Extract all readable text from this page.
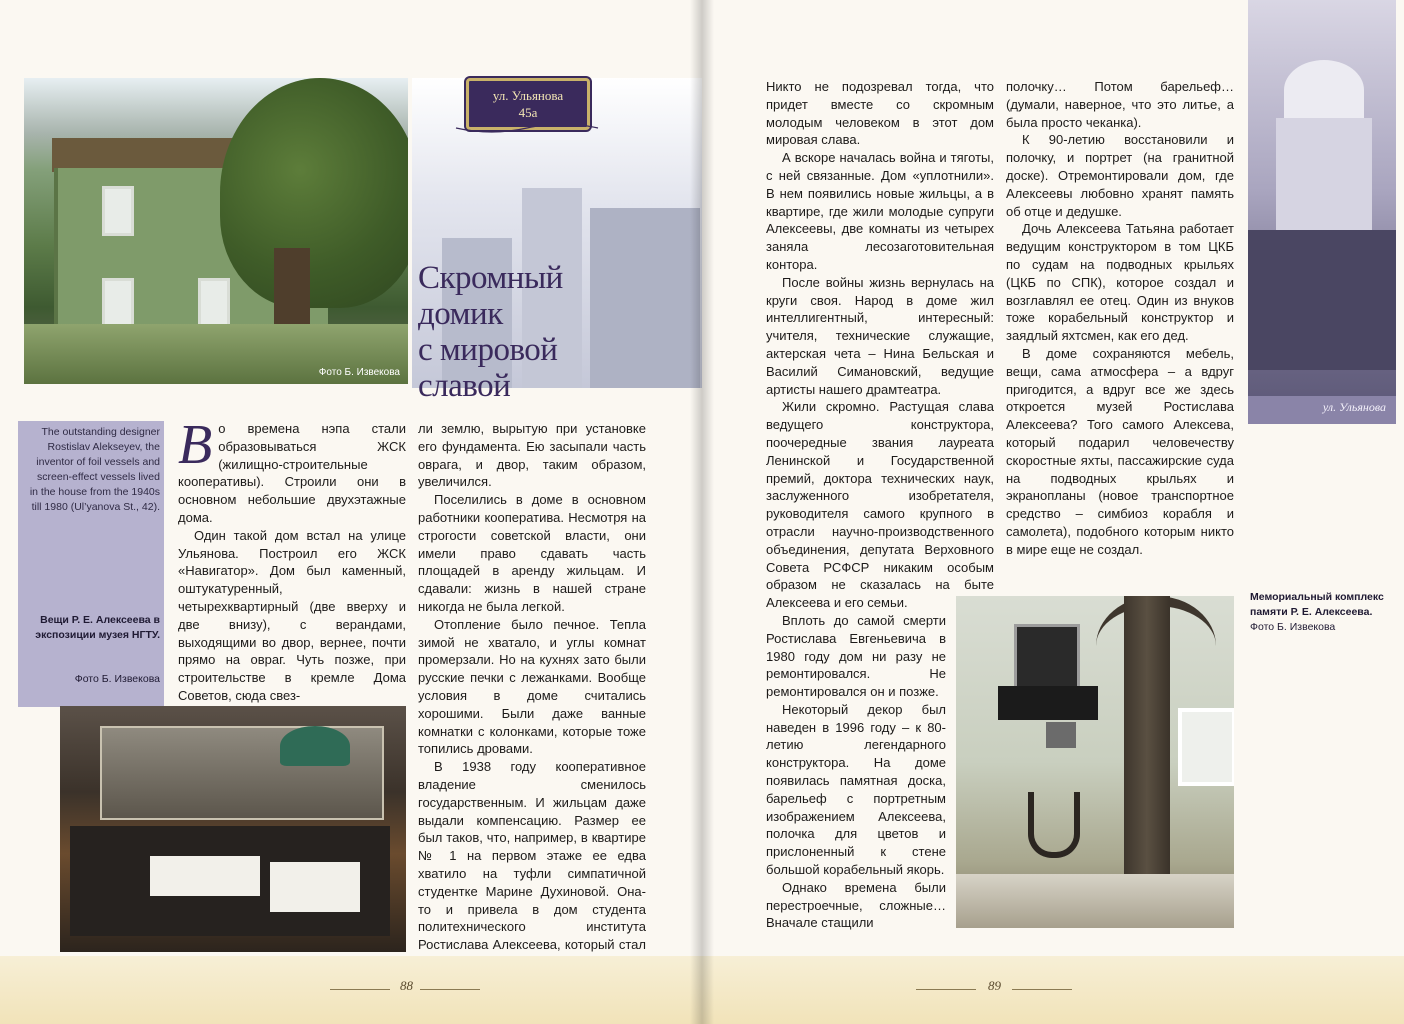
Фото Б. Извекова
ул. Ульянова
45а
Скромный
домик
с мировой
славой
The outstanding designer Rostislav Alekseyev, the inventor of foil vessels and screen-effect vessels lived in the house from the 1940s till 1980 (Ul’yanova St., 42).
Вещи Р. Е. Алексеева в экспозиции музея НГТУ.
Фото Б. Извекова

Во времена нэпа стали образовываться ЖСК (жилищно-строительные кооперативы). Строили они в основном небольшие двухэтажные дома.

Один такой дом встал на улице Ульянова. Построил его ЖСК «Навигатор». Дом был каменный, оштукатуренный, четырехквартирный (две вверху и две внизу), с верандами, выходящими во двор, вернее, почти прямо на овраг. Чуть позже, при строительстве в кремле Дома Советов, сюда свез-

ли землю, вырытую при установке его фундамента. Ею засыпали часть оврага, и двор, таким образом, увеличился.

Поселились в доме в основном работники кооператива. Несмотря на строгости советской власти, они имели право сдавать часть площадей в аренду жильцам. И сдавали: жизнь в нашей стране никогда не была легкой.

Отопление было печное. Тепла зимой не хватало, и углы комнат промерзали. Но на кухнях зато были русские печки с лежанками. Вообще условия в доме считались хорошими. Были даже ванные комнатки с колонками, которые тоже топились дровами.

В 1938 году кооперативное владение сменилось государственным. И жильцам даже выдали компенсацию. Размер ее был таков, что, например, в квартире № 1 на первом этаже ее едва хватило на туфли симпатичной студентке Марине Духиновой. Она-то и привела в дом студента политехнического института Ростислава Алексеева, который стал

88

Никто не подозревал тогда, что придет вместе со скромным молодым человеком в этот дом мировая слава.

А вскоре началась война и тяготы, с ней связанные. Дом «уплотнили». В нем появились новые жильцы, а в квартире, где жили молодые супруги Алексеевы, две комнаты из четырех заняла лесозаготовительная контора.

После войны жизнь вернулась на круги своя. Народ в доме жил интеллигентный, интересный: учителя, технические служащие, актерская чета – Нина Бельская и Василий Симановский, ведущие артисты нашего драмтеатра.

Жили скромно. Растущая слава ведущего конструктора, поочередные звания лауреата Ленинской и Государственной премий, доктора технических наук, заслуженного изобретателя, руководителя самого крупного в отрасли научно-производственного объединения, депутата Верховного Совета РСФСР никаким особым образом не сказалась на быте Алексеева и его семьи.

Вплоть до самой смерти Ростислава Евгеньевича в 1980 году дом ни разу не ремонтировался. Не ремонтировался он и позже.

Некоторый декор был наведен в 1996 году – к 80-летию легендарного конструктора. На доме появилась памятная доска, барельеф с портретным изображением Алексеева, полочка для цветов и прислоненный к стене большой корабельный якорь.

Однако времена были перестроечные, сложные… Вначале стащили

полочку… Потом барельеф… (думали, наверное, что это литье, а была просто чеканка).

К 90-летию восстановили и полочку, и портрет (на гранитной доске). Отремонтировали дом, где Алексеевы любовно хранят память об отце и дедушке.

Дочь Алексеева Татьяна работает ведущим конструктором в том ЦКБ по судам на подводных крыльях (ЦКБ по СПК), которое создал и возглавлял ее отец. Один из внуков тоже корабельный конструктор и заядлый яхтсмен, как его дед.

В доме сохраняются мебель, вещи, сама атмосфера – а вдруг пригодится, а вдруг все же здесь откроется музей Ростислава Алексеева? Того самого Алексева, который подарил человечеству скоростные яхты, пассажирские суда на подводных крыльях и экранопланы (новое транспортное средство – симбиоз корабля и самолета), подобного которым никто в мире еще не создал.

ул. Ульянова
Мемориальный комплекс памяти Р. Е. Алексеева.
Фото Б. Извекова
89
